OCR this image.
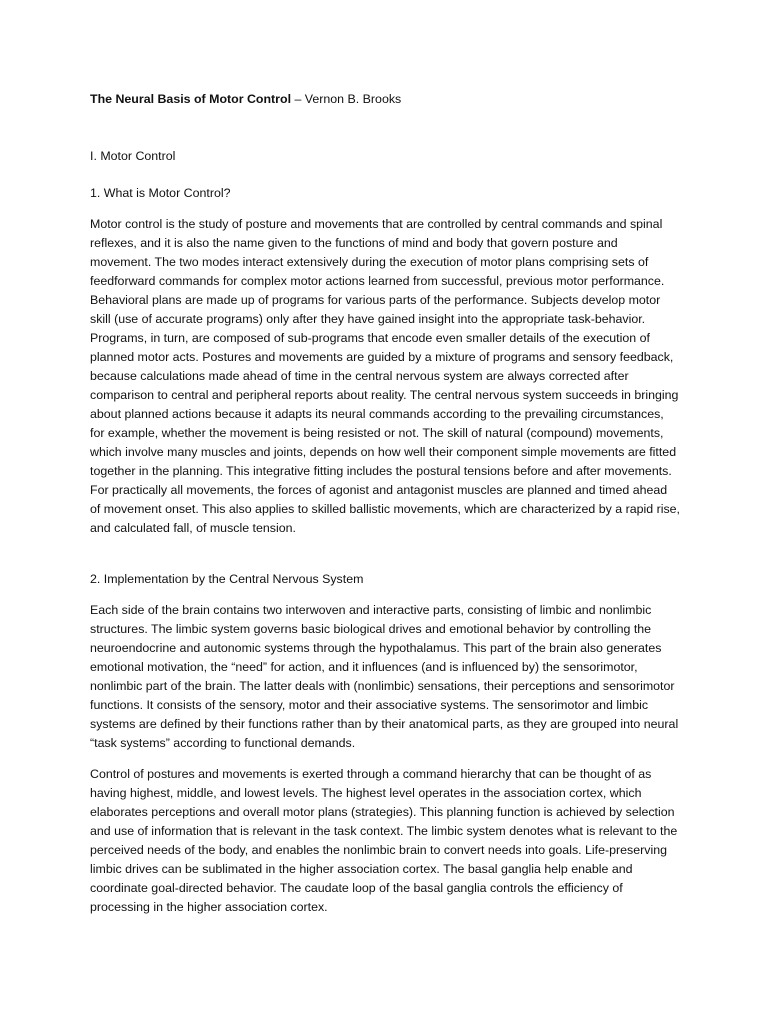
The Neural Basis of Motor Control – Vernon B. Brooks

I. Motor Control

1. What is Motor Control?

Motor control is the study of posture and movements that are controlled by central commands and spinal reflexes, and it is also the name given to the functions of mind and body that govern posture and movement. The two modes interact extensively during the execution of motor plans comprising sets of feedforward commands for complex motor actions learned from successful, previous motor performance. Behavioral plans are made up of programs for various parts of the performance. Subjects develop motor skill (use of accurate programs) only after they have gained insight into the appropriate task-behavior. Programs, in turn, are composed of sub-programs that encode even smaller details of the execution of planned motor acts. Postures and movements are guided by a mixture of programs and sensory feedback, because calculations made ahead of time in the central nervous system are always corrected after comparison to central and peripheral reports about reality. The central nervous system succeeds in bringing about planned actions because it adapts its neural commands according to the prevailing circumstances, for example, whether the movement is being resisted or not. The skill of natural (compound) movements, which involve many muscles and joints, depends on how well their component simple movements are fitted together in the planning. This integrative fitting includes the postural tensions before and after movements. For practically all movements, the forces of agonist and antagonist muscles are planned and timed ahead of movement onset. This also applies to skilled ballistic movements, which are characterized by a rapid rise, and calculated fall, of muscle tension.

2. Implementation by the Central Nervous System

Each side of the brain contains two interwoven and interactive parts, consisting of limbic and nonlimbic structures. The limbic system governs basic biological drives and emotional behavior by controlling the neuroendocrine and autonomic systems through the hypothalamus. This part of the brain also generates emotional motivation, the “need” for action, and it influences (and is influenced by) the sensorimotor, nonlimbic part of the brain. The latter deals with (nonlimbic) sensations, their perceptions and sensorimotor functions. It consists of the sensory, motor and their associative systems. The sensorimotor and limbic systems are defined by their functions rather than by their anatomical parts, as they are grouped into neural “task systems” according to functional demands.

Control of postures and movements is exerted through a command hierarchy that can be thought of as having highest, middle, and lowest levels. The highest level operates in the association cortex, which elaborates perceptions and overall motor plans (strategies). This planning function is achieved by selection and use of information that is relevant in the task context. The limbic system denotes what is relevant to the perceived needs of the body, and enables the nonlimbic brain to convert needs into goals. Life-preserving limbic drives can be sublimated in the higher association cortex. The basal ganglia help enable and coordinate goal-directed behavior. The caudate loop of the basal ganglia controls the efficiency of processing in the higher association cortex.
